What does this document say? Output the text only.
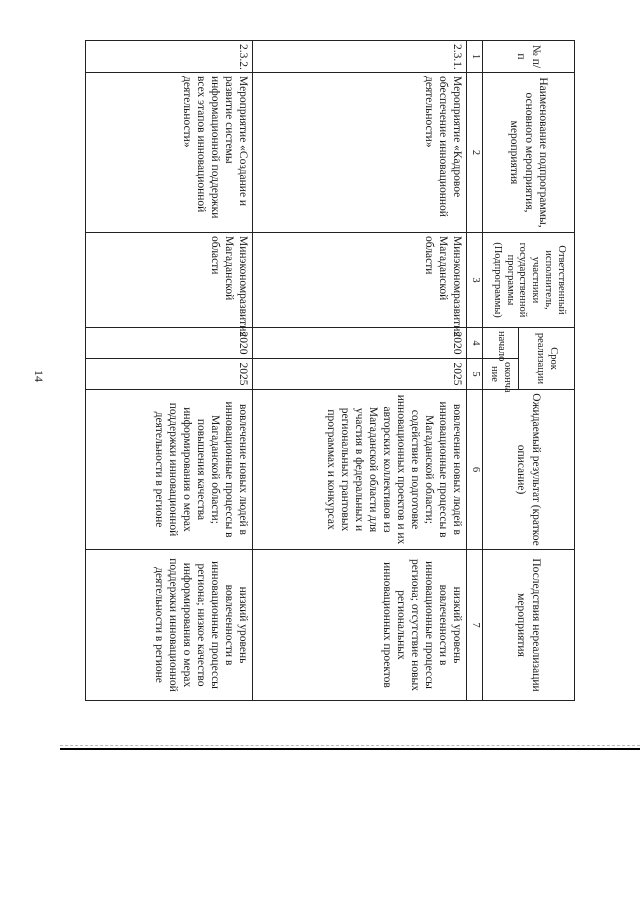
14
№ п/п	Наименование подпрограммы, основного мероприятия, мероприятия	Ответственный исполнитель, участники государственной программы (Подпрограммы)	Срок реализации		Ожидаемый результат (краткое описание)	Последствия нереализации мероприятия
			начало	оконча ние		
1	2	3	4	5	6	7
2.3.1.	Мероприятие «Кадровое обеспечение инновационной деятельности»	Минэкономразвития Магаданской области	2020	2025	вовлечение новых людей в инновационные процессы в Магаданской области; содействие в подготовке инновационных проектов и их авторских коллективов из Магаданской области для участия в федеральных и региональных грантовых программах и конкурсах	низкий уровень вовлеченности в инновационные процессы региона; отсутствие новых региональных инновационных проектов
2.3.2.	Мероприятие «Создание и развитие системы информационной поддержки всех этапов инновационной деятельности»	Минэкономразвития Магаданской области	2020	2025	вовлечение новых людей в инновационные процессы в Магаданской области; повышения качества информирования о мерах поддержки инновационной деятельности в регионе	низкий уровень вовлеченности в инновационные процессы региона; низкое качество информирования о мерах поддержки инновационной деятельности в регионе
